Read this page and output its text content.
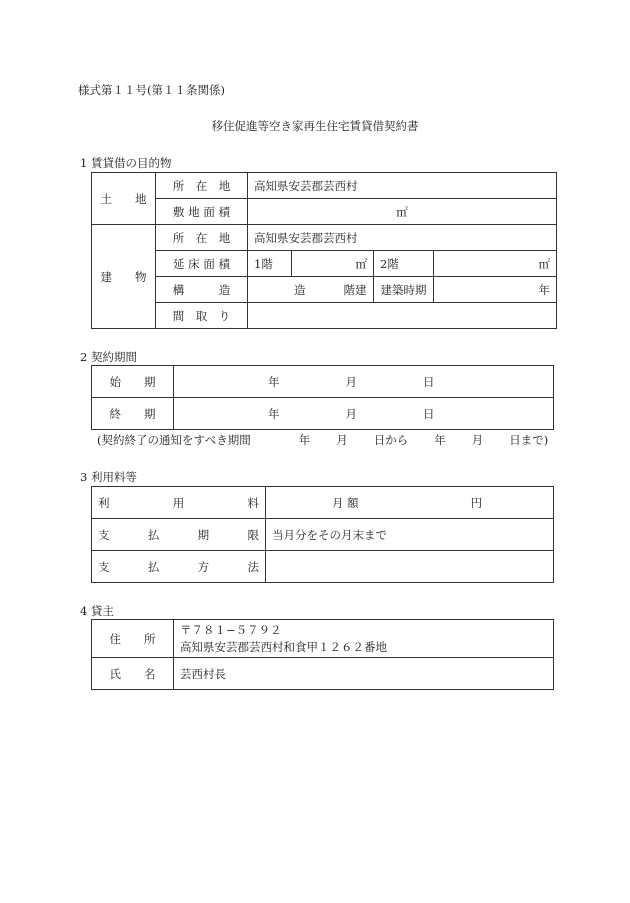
様式第１１号(第１１条関係)
移住促進等空き家再生住宅賃貸借契約書
1 賃貸借の目的物
土　　地	所　在　地	高知県安芸郡芸西村			
	敷 地 面 積	㎡			
建　　物	所　在　地	高知県安芸郡芸西村			
	延 床 面 積	1階	㎡	2階	㎡
	構　　　造	造 階建		建築時期	年
	間　取　り				
2 契約期間
始　　期	年 月 日
終　　期	年 月 日
(契約終了の通知をすべき期間	年 月 日から 年 月 日まで)
3 利用料等
利 用 料	月 額 円

支 払 期 限	当月分をその月末まで

支 払 方 法	

4 貸主
住　　所	〒７８１−５７９２
高知県安芸郡芸西村和食甲１２６２番地

氏　　名	芸西村長
